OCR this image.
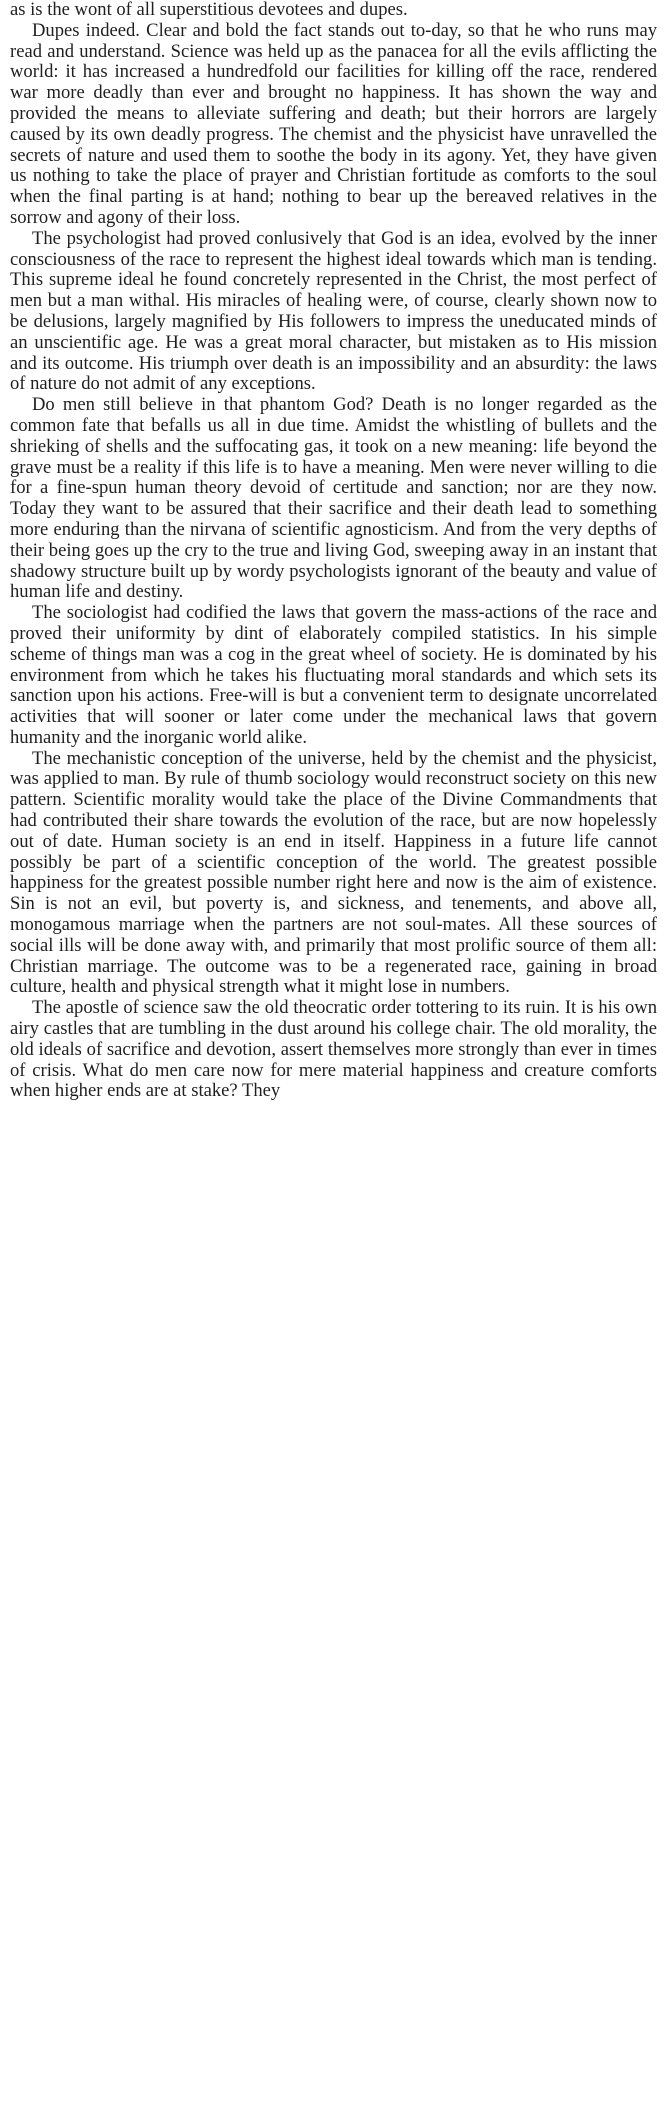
as is the wont of all superstitious devotees and dupes.

Dupes indeed. Clear and bold the fact stands out to-day, so that he who runs may read and understand. Science was held up as the panacea for all the evils afflicting the world: it has increased a hundredfold our facilities for killing off the race, rendered war more deadly than ever and brought no happiness. It has shown the way and provided the means to alleviate suffering and death; but their horrors are largely caused by its own deadly progress. The chemist and the physicist have unravelled the secrets of nature and used them to soothe the body in its agony. Yet, they have given us nothing to take the place of prayer and Christian fortitude as comforts to the soul when the final parting is at hand; nothing to bear up the bereaved relatives in the sorrow and agony of their loss.

The psychologist had proved conlusively that God is an idea, evolved by the inner consciousness of the race to represent the highest ideal towards which man is tending. This supreme ideal he found concretely represented in the Christ, the most perfect of men but a man withal. His miracles of healing were, of course, clearly shown now to be delusions, largely magnified by His followers to impress the uneducated minds of an unscientific age. He was a great moral character, but mistaken as to His mission and its outcome. His triumph over death is an impossibility and an absurdity: the laws of nature do not admit of any exceptions.

Do men still believe in that phantom God? Death is no longer regarded as the common fate that befalls us all in due time. Amidst the whistling of bullets and the shrieking of shells and the suffocating gas, it took on a new meaning: life beyond the grave must be a reality if this life is to have a meaning. Men were never willing to die for a fine-spun human theory devoid of certitude and sanction; nor are they now. Today they want to be assured that their sacrifice and their death lead to something more enduring than the nirvana of scientific agnosticism. And from the very depths of their being goes up the cry to the true and living God, sweeping away in an instant that shadowy structure built up by wordy psychologists ignorant of the beauty and value of human life and destiny.

The sociologist had codified the laws that govern the mass-actions of the race and proved their uniformity by dint of elaborately compiled statistics. In his simple scheme of things man was a cog in the great wheel of society. He is dominated by his environment from which he takes his fluctuating moral standards and which sets its sanction upon his actions. Free-will is but a convenient term to designate uncorrelated activities that will sooner or later come under the mechanical laws that govern humanity and the inorganic world alike.

The mechanistic conception of the universe, held by the chemist and the physicist, was applied to man. By rule of thumb sociology would reconstruct society on this new pattern. Scientific morality would take the place of the Divine Commandments that had contributed their share towards the evolution of the race, but are now hopelessly out of date. Human society is an end in itself. Happiness in a future life cannot possibly be part of a scientific conception of the world. The greatest possible happiness for the greatest possible number right here and now is the aim of existence. Sin is not an evil, but poverty is, and sickness, and tenements, and above all, monogamous marriage when the partners are not soul-mates. All these sources of social ills will be done away with, and primarily that most prolific source of them all: Christian marriage. The outcome was to be a regenerated race, gaining in broad culture, health and physical strength what it might lose in numbers.

The apostle of science saw the old theocratic order tottering to its ruin. It is his own airy castles that are tumbling in the dust around his college chair. The old morality, the old ideals of sacrifice and devotion, assert themselves more strongly than ever in times of crisis. What do men care now for mere material happiness and creature comforts when higher ends are at stake? They
